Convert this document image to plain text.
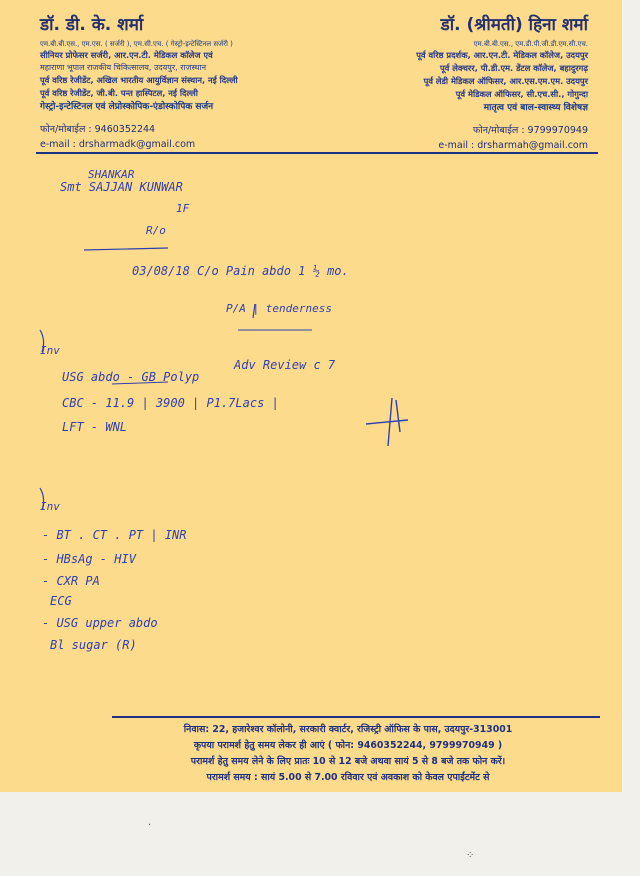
डॉ. डी. के. शर्मा
एम.बी.बी.एस., एम.एस. ( सर्जरी ), एम.सी.एच. ( गेस्ट्रो-इन्टेस्टिनल सर्जरी )
सीनियर प्रोफेसर सर्जरी, आर.एन.टी. मेडिकल कॉलेज एवं
महाराणा भूपाल राजकीय चिकित्सालय, उदयपुर, राजस्थान
पूर्व वरिष्ठ रेजीडेंट, अखिल भारतीय आयुर्विज्ञान संस्थान, नई दिल्ली
पूर्व वरिष्ठ रेजीडेंट, जी.बी. पन्त हास्पिटल, नई दिल्ली
गेस्ट्रो-इन्टेस्टिनल एवं लेप्रोस्कोपिक-एंडोस्कोपिक सर्जन
फोन/मोबाईल : 9460352244
e-mail : drsharmadk@gmail.com
डॉ. (श्रीमती) हिना शर्मा
एम.बी.बी.एस., एम.डी.पी.जी.डी.एम.सी.एच.
पूर्व वरिष्ठ प्रदर्शक, आर.एन.टी. मेडिकल कॉलेज, उदयपुर
पूर्व लेक्चरर, पी.डी.एम. डेंटल कॉलेज, बहादुरगढ़
पूर्व लेडी मेडिकल ऑफिसर, आर.एस.एम.एम. उदयपुर
पूर्व मेडिकल ऑफिसर, सी.एच.सी., गोगुन्दा
मातृत्व एवं बाल-स्वास्थ्य विशेषज्ञ
फोन/मोबाईल : 9799970949
e-mail : drsharmah@gmail.com
SHANKAR
Smt SAJJAN KUNWAR
1F
R/o
03/08/18 C/o Pain abdo 1 ½ mo.
P/A | tenderness
Adv Review c 7
Inv
USG abdo - GB Polyp
CBC - 11.9 | 3900 | P1.7Lacs |
LFT - WNL
Inv
- BT . CT . PT | INR
- HBsAg - HIV
- CXR PA
ECG
- USG upper abdo
Bl sugar (R)
निवास: 22, हजारेश्वर कॉलोनी, सरकारी क्वार्टर, रजिस्ट्री ऑफिस के पास, उदयपुर-313001
कृपया परामर्श हेतु समय लेकर ही आएं ( फोन: 9460352244, 9799970949 )
परामर्श हेतु समय लेने के लिए प्रातः 10 से 12 बजे अथवा सायं 5 से 8 बजे तक फोन करें।
परामर्श समय : सायं 5.00 से 7.00 रविवार एवं अवकाश को केवल एपाईंटमेंट से
·
⁘
